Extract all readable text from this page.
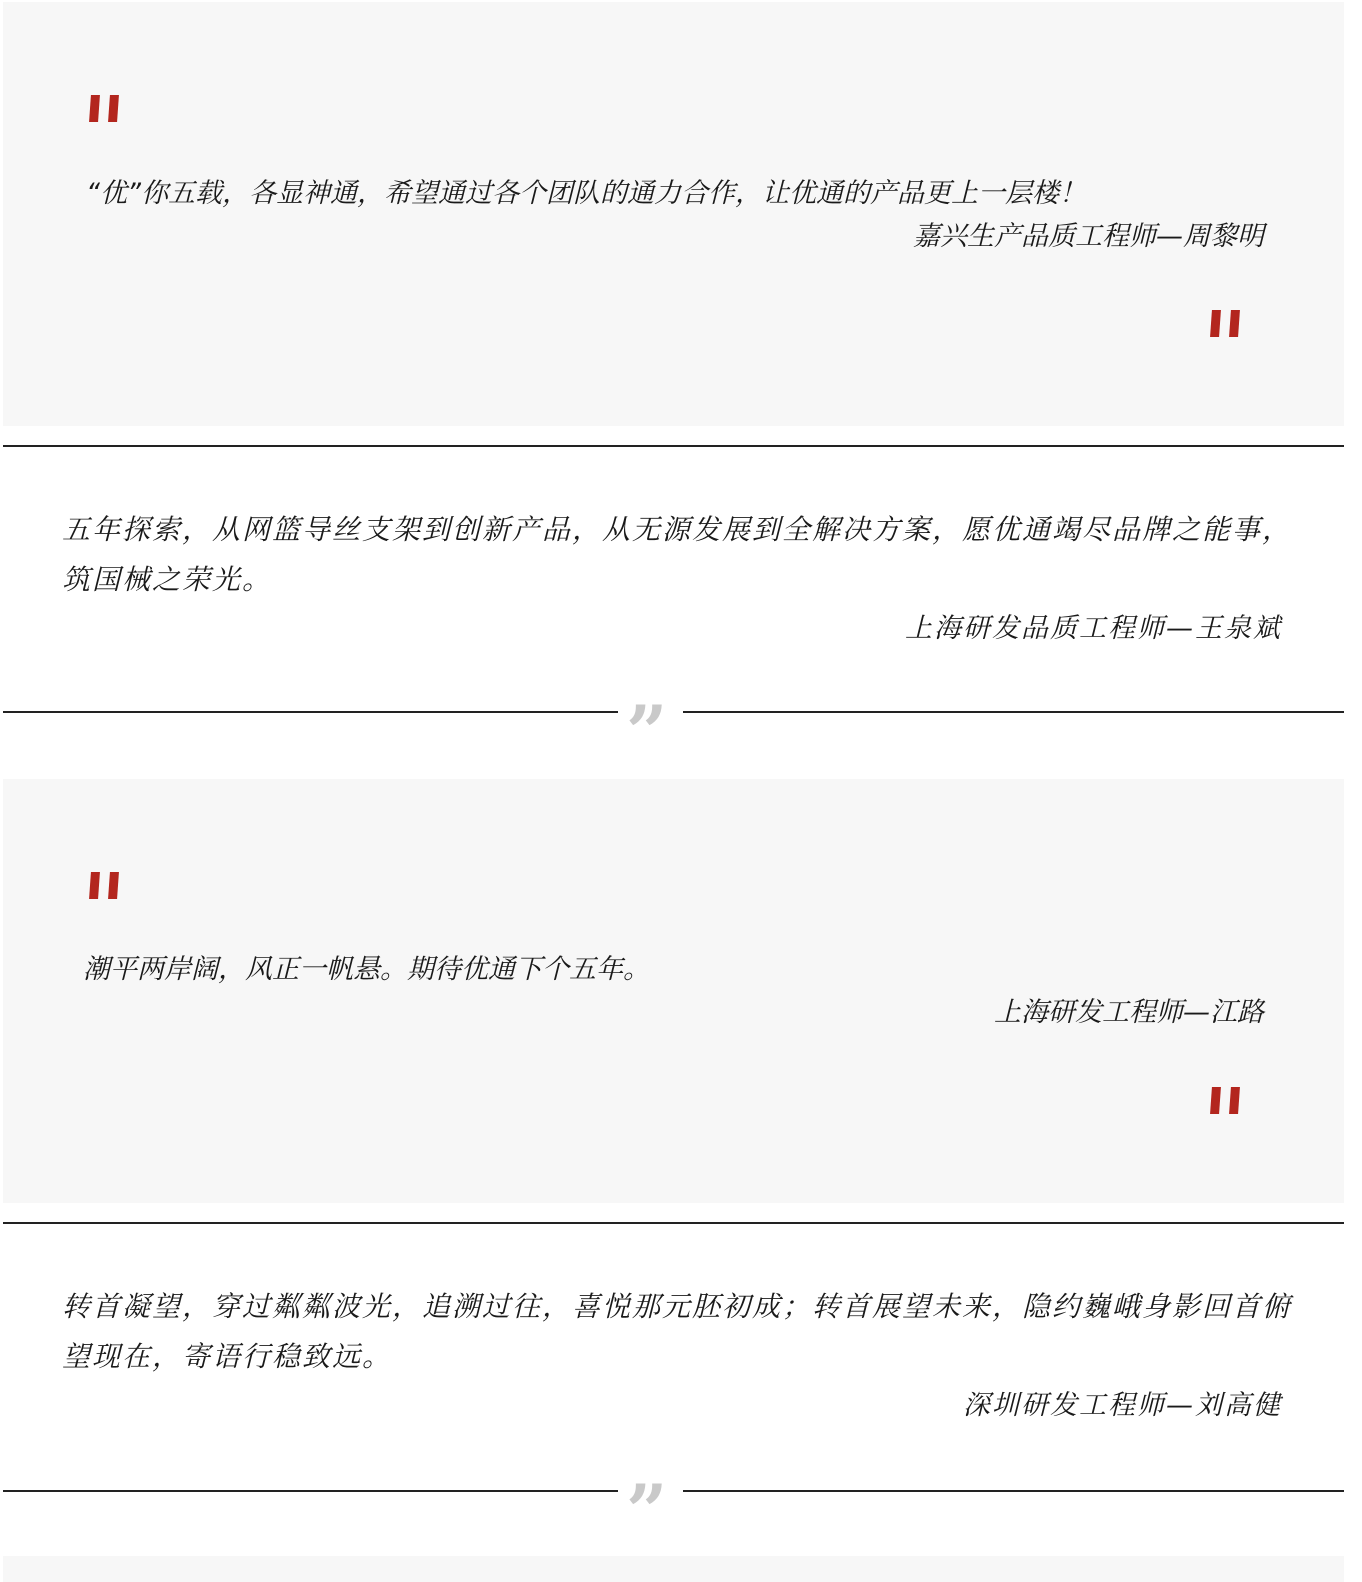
“优”你五载，各显神通，希望通过各个团队的通力合作，让优通的产品更上一层楼！
嘉兴生产品质工程师—周黎明
五年探索，从网篮导丝支架到创新产品，从无源发展到全解决方案，愿优通竭尽品牌之能事，筑国械之荣光。
上海研发品质工程师—王泉斌
”
潮平两岸阔，风正一帆悬。期待优通下个五年。
上海研发工程师—江路
转首凝望，穿过粼粼波光，追溯过往，喜悦那元胚初成；转首展望未来，隐约巍峨身影回首俯望现在，寄语行稳致远。
深圳研发工程师—刘高健
”
